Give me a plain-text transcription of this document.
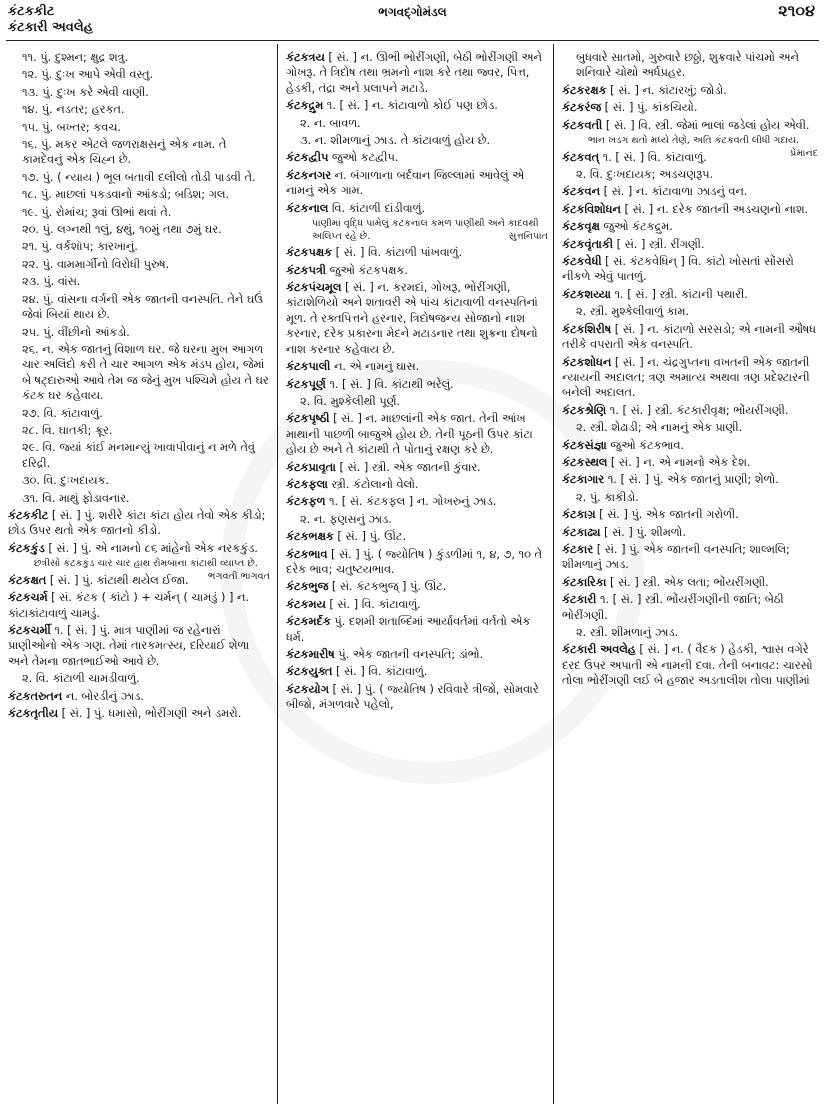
કંટકકીટ
કંટકારી અવલેહ
ભગવદ્ગોમંડલ	૨૧૦૪
૧૧. પું. દુશ્મન; ક્ષુદ્ર શત્રુ.
૧૨. પું. દુઃખ આપે એવી વસ્તુ.
૧૩. પું. દુઃખ કરે એવી વાણી.
૧૪. પું. નડતર; હરકત.
૧૫. પું. બખ્તર; કવચ.
૧૬. પું. મકર એટલે જળરાક્ષસનું એક નામ. તે કામદેવનું એક ચિહ્ન છે.
૧૭. પું. ( ન્યાય ) ભૂલ બતાવી દલીલો તોડી પાડવી તે.
૧૮. પું. માછલાં પકડવાનો આંકડો; બડિશ; ગલ.
૧૯. પું. રોમાંચ; રૂવાં ઊભાં થવાં તે.
૨૦. પું. લગ્નથી ૧લું, ૪થું, ૧૦મું તથા ૭મું ઘર.
૨૧. પું. વર્કશૉપ; કારખાનું.
૨૨. પું. વામમાર્ગીનો વિરોધી પુરુષ.
૨૩. પું. વાંસ.
૨૪. પું. વાંસના વર્ગની એક જાતની વનસ્પતિ. તેને ઘઉં જેવાં બિયાં થાય છે.
૨૫. પું. વીંછીનો આંકડો.
૨૬. ન. એક જાતનું વિશાળ ઘર. જે ઘરના મુખ આગળ ચાર અલિંદો કરી તે ચાર આગળ એક મંડપ હોય, જેમાં બે ષટ્દારુઓ આવે તેમ જ જેનું મુખ પશ્ચિમે હોય તે ઘર કંટક ઘર કહેવાય.
૨૭. વિ. કાંટાવાળું.
૨૮. વિ. ઘાતકી; ક્રૂર.
૨૯. વિ. જ્યાં કાંઈ મનમાન્યું ખાવાપીવાનું ન મળે તેવું દરિદ્રી.
૩૦. વિ. દુઃખદાયક.
૩૧. વિ. માથું ફોડાવનાર.
કંટકકીટ [ સં. ] પું. શરીરે કાંટા કાંટા હોય તેવો એક કીડો; છોડ ઉપર થતો એક જાતનો કીડો.
કંટકકુંડ [ સં. ] પું. એ નામનો ૮૬ માંહેનો એક નરકકુંડ.
છત્રીસો કંટકકુંડ ચાર ચાર હાથ રોમબાના કાંટાથી વ્યાપ્ત છે.
ભગવતી ભાગવત
કંટકક્ષત [ સં. ] પું. કાંટાથી થયેલ ઈજા.
કંટકચર્મ [ સં. કંટક ( કાંટો ) + ચર્મન્ ( ચામડું ) ] ન. કાંટાકાંટાવાળું ચામડું.
કંટકચર્મી ૧. [ સં. ] પું. માત્ર પાણીમાં જ રહેનારાં પ્રાણીઓનો એક ગણ. તેમાં તારકમત્સ્ય, દરિયાઈ શેળા અને તેમના જાતભાઈઓ આવે છે.
૨. વિ. કાંટાળી ચામડીવાળું.
કંટકતરુતન ન. બોરડીનું ઝાડ.
કંટકતૃતીય [ સં. ] પું. ધમાસો, ભોરીંગણી અને ડમરો.
કંટકત્રય [ સં. ] ન. ઊભી ભોરીંગણી, બેઠી ભોરીંગણી અને ગોખરૂ. તે ત્રિદોષ તથા ભ્રમનો નાશ કરે તથા જ્વર, પિત્ત, હેડકી, તંદ્રા અને પ્રલાપને મટાડે.
કંટકદ્રુમ ૧. [ સં. ] ન. કાંટાવાળો કોઈ પણ છોડ.
૨. ન. બાવળ.
૩. ન. શીમળાનું ઝાડ. તે કાંટાવાળું હોય છે.
કંટકદ્વીપ જુઓ કટદ્વીપ.
કંટકનગર ન. બંગાળાના બર્દવાન જિલ્લામાં આવેલું એ નામનું એક ગામ.
કંટકનાલ વિ. કાંટાળી દાંડીવાળું.
પાણીમાં વૃદ્ધિ પામેલું કંટકનાલ કમળ પાણીથી અને કાદવથી અલિપ્ત રહે છે.	સુત્તનિપાત
કંટકપક્ષક [ સં. ] વિ. કાંટાળી પાંખવાળું.
કંટકપત્રી જુઓ કંટકપક્ષક.
કંટકપંચમૂલ [ સં. ] ન. કરમદાં, ગોખરૂ, ભોરીંગણી, કાંટાશેળિયો અને શતાવરી એ પાંચ કાંટાવાળી વનસ્પતિનાં મૂળ. તે રક્તપિત્તને હરનાર, ત્રિદોષજન્ય સોજાનો નાશ કરનાર, દરેક પ્રકારના મેદને મટાડનાર તથા શુક્રના દોષનો નાશ કરનાર કહેવાય છે.
કંટકપાલી ન. એ નામનું ઘાસ.
કંટકપૂર્ણ ૧. [ સં. ] વિ. કાંટાથી ભરેલું.
૨. વિ. મુશ્કેલીથી પૂર્ણ.
કંટકપૃષ્ઠી [ સં. ] ન. માછલાંની એક જાત. તેની આંખ માથાની પાછળી બાજુએ હોય છે. તેની પૂઠની ઉપર કાંટા હોય છે અને તે કાંટાથી તે પોતાનું રક્ષણ કરે છે.
કંટકપ્રાવૃતા [ સં. ] સ્ત્રી. એક જાતની કુંવાર.
કંટકફલા સ્ત્રી. કંટોલાનો વેલો.
કંટકફળ ૧. [ સં. કંટકફલ ] ન. ગોખરુનું ઝાડ.
૨. ન. ફણસનું ઝાડ.
કંટકભક્ષક [ સં. ] પું. ઊંટ.
કંટકભાવ [ સં. ] પું. ( જ્યોતિષ ) કુંડળીમાં ૧, ૪, ૭, ૧૦ તે દરેક ભાવ; ચતુષ્ટયભાવ.
કંટકભુજ [ સં. કંટકભુજ્ ] પું. ઊંટ.
કંટકમય [ સં. ] વિ. કાંટાવાળું.
કંટકમર્દક પું. દશમી શતાબ્દિમાં આર્યાવર્તમાં વર્તતો એક ધર્મ.
કંટકમારીષ પું. એક જાતની વનસ્પતિ; ડાંભો.
કંટકયુક્ત [ સં. ] વિ. કાંટાવાળું.
કંટકયોગ [ સં. ] પું. ( જ્યોતિષ ) રવિવારે ત્રીજો, સોમવારે બીજો, મંગળવારે પહેલો,
બુધવારે સાતમો, ગુરુવારે છઠ્ઠો, શુક્રવારે પાંચમો અને શનિવારે ચોથો અર્ધપ્રહર.
કંટકરક્ષક [ સં. ] ન. કાંટારખું; જોડો.
કંટકરંજ [ સં. ] પું. કાંકચિયો.
કંટકવતી [ સં. ] વિ. સ્ત્રી. જેમાં ભાલાં જડેલાં હોય એવી.
ભાન ખડગ થતો મધ્યે તેણે, અતિ કંટકવતી લીધી ગદાય.
પ્રેમાનંદ
કંટકવત્ ૧. [ સં. ] વિ. કાંટાવાળું.
૨. વિ. દુઃખદાયક; અડચણરૂપ.
કંટકવન [ સં. ] ન. કાંટાવાળા ઝાડનું વન.
કંટકવિશોધન [ સં. ] ન. દરેક જાતની અડચણનો નાશ.
કંટકવૃક્ષ જુઓ કંટકદ્રુમ.
કંટકવૃંતાકી [ સં. ] સ્ત્રી. રીંગણી.
કંટકવેધી [ સં. કંટકવેધિન્ ] વિ. કાંટો ખોસતાં સોંસરો નીકળે એવું પાતળું.
કંટકશય્યા ૧. [ સં. ] સ્ત્રી. કાંટાની પથારી.
૨. સ્ત્રી. મુશ્કેલીવાળું કામ.
કંટકશિરીષ [ સં. ] ન. કાંટાળો સરસડો; એ નામની ઔષધ તરીકે વપરાતી એક વનસ્પતિ.
કંટકશોધન [ સં. ] ન. ચંદ્રગુપ્તના વખતની એક જાતની ન્યાયની અદાલત; ત્રણ અમાત્ય અથવા ત્રણ પ્રદેશ્ટારની બનેલી અદાલત.
કંટકશ્રેણિ ૧. [ સં. ] સ્ત્રી. કંટકારીવૃક્ષ; ભોંયરીંગણી.
૨. સ્ત્રી. શેઢાડી; એ નામનું એક પ્રાણી.
કંટકસંજ્ઞા જુઓ કંટકભાવ.
કંટકસ્થલ [ સં. ] ન. એ નામનો એક દેશ.
કંટકાગાર ૧. [ સં. ] પું. એક જાતનું પ્રાણી; શેળો.
૨. પું. કાકીડો.
કંટકાગ્ર [ સં. ] પું. એક જાતની ગરોળી.
કંટકાઢ્ય [ સં. ] પું. શીમળો.
કંટકાર [ સં. ] પું. એક જાતની વનસ્પતિ; શાલ્મલિ; શીમળાનું ઝાડ.
કંટકારિકા [ સં. ] સ્ત્રી. એક લતા; ભોંયરીંગણી.
કંટકારી ૧. [ સં. ] સ્ત્રી. ભોંયરીંગણીની જાતિ; બેઠી ભોરીંગણી.
૨. સ્ત્રી. શીમળાનું ઝાડ.
કંટકારી અવલેહ [ સં. ] ન. ( વૈદક ) હેડકી, શ્વાસ વગેરે દરદ ઉપર અપાતી એ નામની દવા. તેની બનાવટ: ચારસો તોલા ભોરીંગણી લઈ બે હજાર અડતાલીશ તોલા પાણીમાં
